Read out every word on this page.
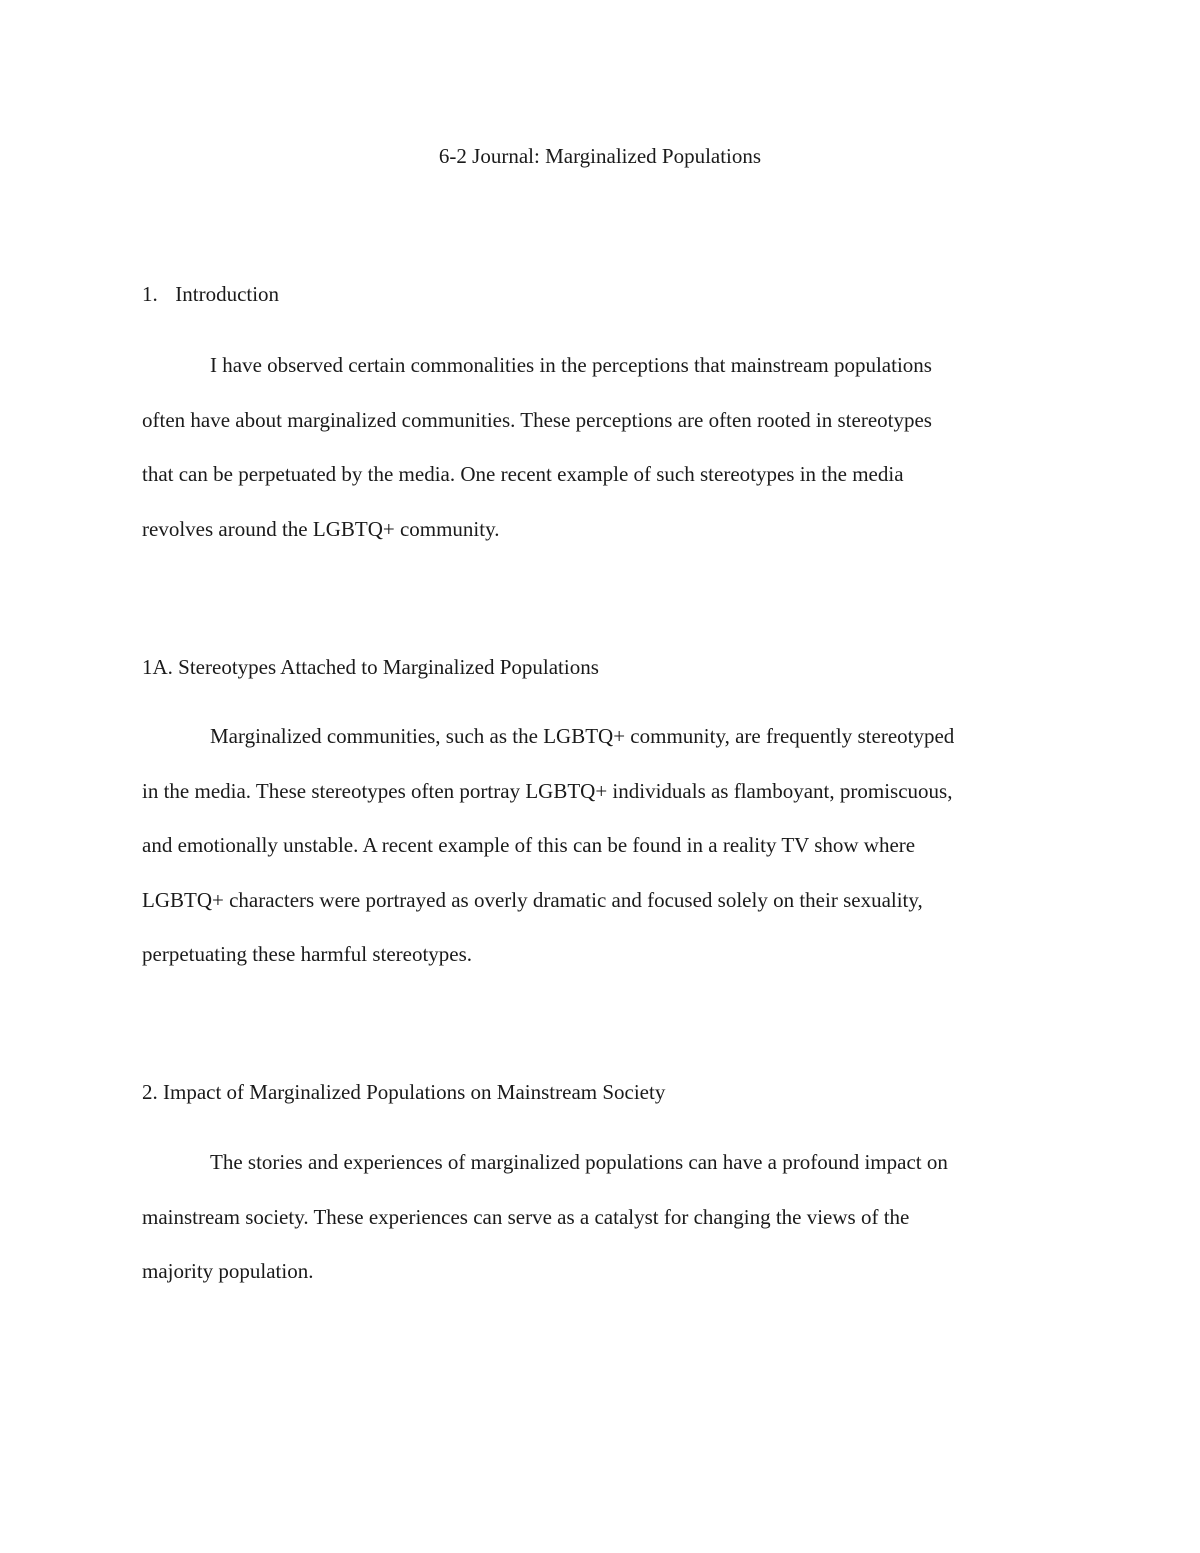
6-2 Journal: Marginalized Populations
1. Introduction

I have observed certain commonalities in the perceptions that mainstream populations
often have about marginalized communities. These perceptions are often rooted in stereotypes
that can be perpetuated by the media. One recent example of such stereotypes in the media
revolves around the LGBTQ+ community.

1A. Stereotypes Attached to Marginalized Populations

Marginalized communities, such as the LGBTQ+ community, are frequently stereotyped
in the media. These stereotypes often portray LGBTQ+ individuals as flamboyant, promiscuous,
and emotionally unstable. A recent example of this can be found in a reality TV show where
LGBTQ+ characters were portrayed as overly dramatic and focused solely on their sexuality,
perpetuating these harmful stereotypes.

2. Impact of Marginalized Populations on Mainstream Society

The stories and experiences of marginalized populations can have a profound impact on
mainstream society. These experiences can serve as a catalyst for changing the views of the
majority population.
